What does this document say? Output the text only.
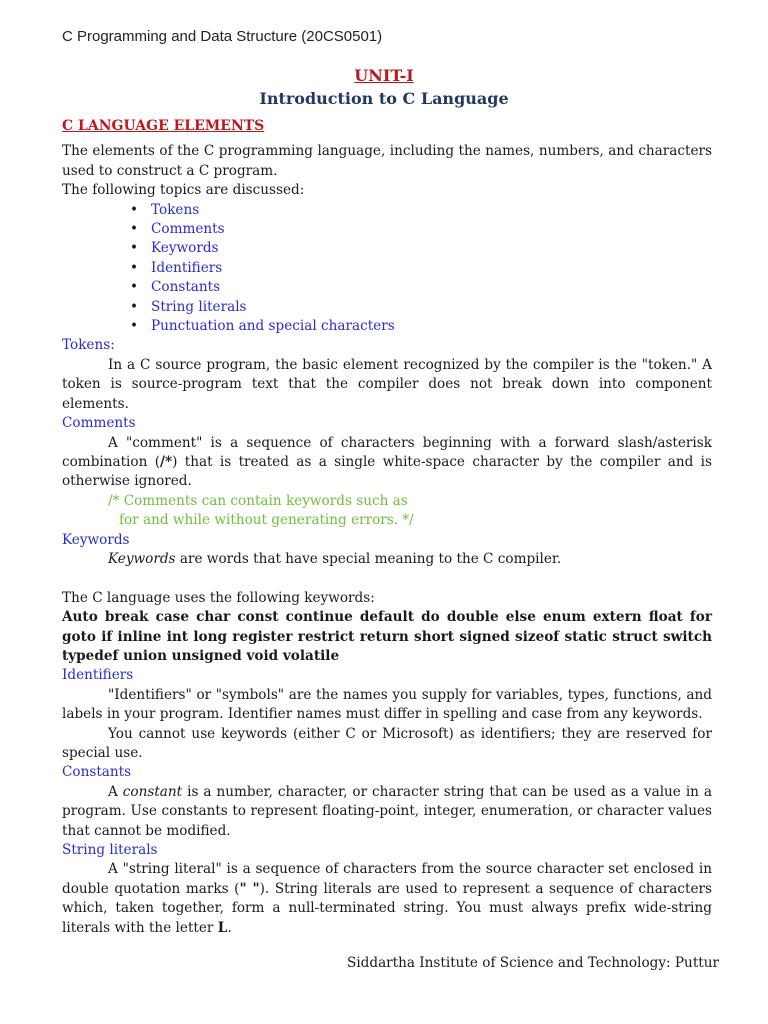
C Programming and Data Structure (20CS0501)
UNIT-I
Introduction to C Language
C LANGUAGE ELEMENTS

The elements of the C programming language, including the names, numbers, and characters used to construct a C program.

The following topics are discussed:

• Tokens
• Comments
• Keywords
• Identifiers
• Constants
• String literals
• Punctuation and special characters
Tokens:

In a C source program, the basic element recognized by the compiler is the "token." A token is source-program text that the compiler does not break down into component elements.

Comments

A "comment" is a sequence of characters beginning with a forward slash/asterisk combination (/*) that is treated as a single white-space character by the compiler and is otherwise ignored.

/* Comments can contain keywords such as
for and while without generating errors. */
Keywords

Keywords are words that have special meaning to the C compiler.

The C language uses the following keywords:

Auto break case char const continue default do double else enum extern float for goto if inline int long register restrict return short signed sizeof static struct switch typedef union unsigned void volatile

Identifiers

"Identifiers" or "symbols" are the names you supply for variables, types, functions, and labels in your program. Identifier names must differ in spelling and case from any keywords.

You cannot use keywords (either C or Microsoft) as identifiers; they are reserved for special use.

Constants

A constant is a number, character, or character string that can be used as a value in a program. Use constants to represent floating-point, integer, enumeration, or character values that cannot be modified.

String literals

A "string literal" is a sequence of characters from the source character set enclosed in double quotation marks (" "). String literals are used to represent a sequence of characters which, taken together, form a null-terminated string. You must always prefix wide-string literals with the letter L.

Siddartha Institute of Science and Technology: Puttur
